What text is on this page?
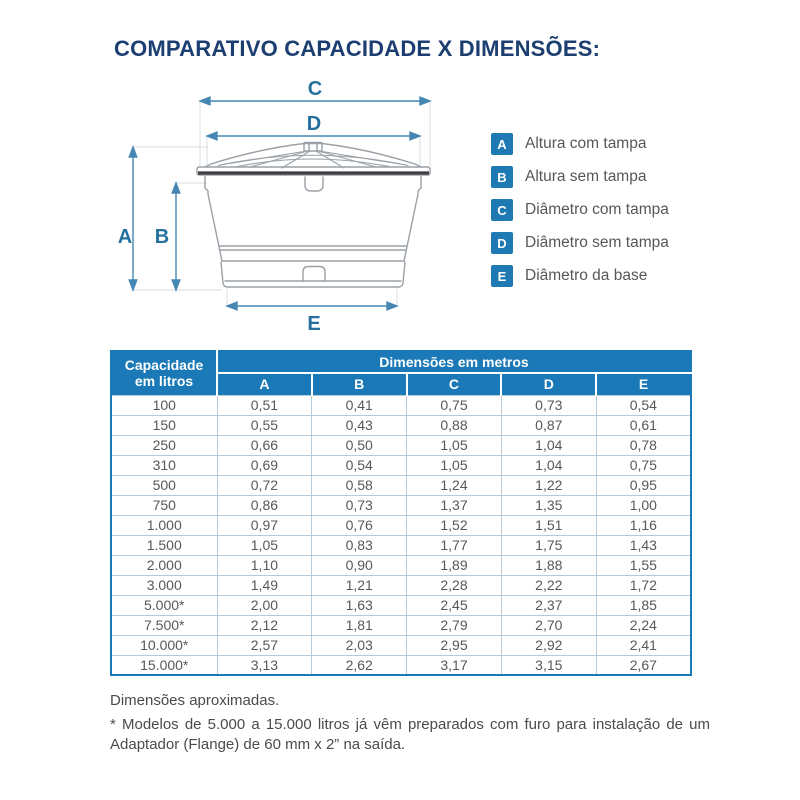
COMPARATIVO CAPACIDADE X DIMENSÕES:
C
D
A B
E
A	Altura com tampa
B	Altura sem tampa
C	Diâmetro com tampa
D	Diâmetro sem tampa
E	Diâmetro da base
Capacidade
em litros	Dimensões em metros				
	A	B	C	D	E
100	0,51	0,41	0,75	0,73	0,54
150	0,55	0,43	0,88	0,87	0,61
250	0,66	0,50	1,05	1,04	0,78
310	0,69	0,54	1,05	1,04	0,75
500	0,72	0,58	1,24	1,22	0,95
750	0,86	0,73	1,37	1,35	1,00
1.000	0,97	0,76	1,52	1,51	1,16
1.500	1,05	0,83	1,77	1,75	1,43
2.000	1,10	0,90	1,89	1,88	1,55
3.000	1,49	1,21	2,28	2,22	1,72
5.000*	2,00	1,63	2,45	2,37	1,85
7.500*	2,12	1,81	2,79	2,70	2,24
10.000*	2,57	2,03	2,95	2,92	2,41
15.000*	3,13	2,62	3,17	3,15	2,67
Dimensões aproximadas.
* Modelos de 5.000 a 15.000 litros já vêm preparados com furo para instalação de um Adaptador (Flange) de 60 mm x 2” na saída.
